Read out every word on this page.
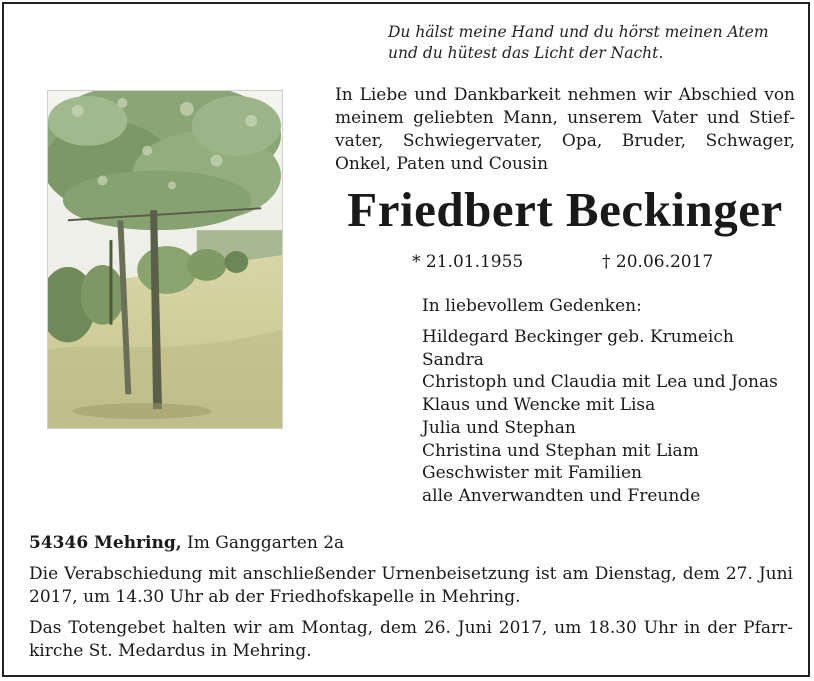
Du hälst meine Hand und du hörst meinen Atem
und du hütest das Licht der Nacht.
In Liebe und Dankbarkeit nehmen wir Abschied von meinem geliebten Mann, unserem Vater und Stiefvater, Schwiegervater, Opa, Bruder, Schwager, Onkel, Paten und Cousin
Friedbert Beckinger
* 21.01.1955	† 20.06.2017
In liebevollem Gedenken:
Hildegard Beckinger geb. Krumeich
Sandra
Christoph und Claudia mit Lea und Jonas
Klaus und Wencke mit Lisa
Julia und Stephan
Christina und Stephan mit Liam
Geschwister mit Familien
alle Anverwandten und Freunde
54346 Mehring, Im Ganggarten 2a
Die Verabschiedung mit anschließender Urnenbeisetzung ist am Dienstag, dem 27. Juni 2017, um 14.30 Uhr ab der Friedhofskapelle in Mehring.
Das Totengebet halten wir am Montag, dem 26. Juni 2017, um 18.30 Uhr in der Pfarrkirche St. Medardus in Mehring.
